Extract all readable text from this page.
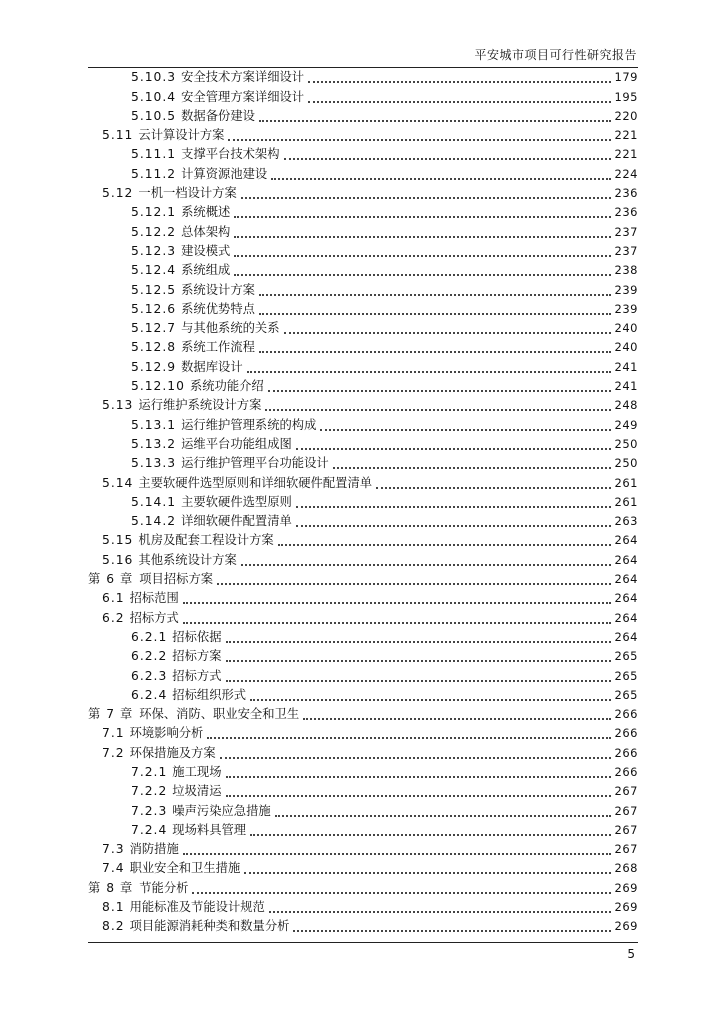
平安城市项目可行性研究报告
5.10.3 安全技术方案详细设计	179
5.10.4 安全管理方案详细设计	195
5.10.5 数据备份建设	220
5.11 云计算设计方案	221
5.11.1 支撑平台技术架构	221
5.11.2 计算资源池建设	224
5.12 一机一档设计方案	236
5.12.1 系统概述	236
5.12.2 总体架构	237
5.12.3 建设模式	237
5.12.4 系统组成	238
5.12.5 系统设计方案	239
5.12.6 系统优势特点	239
5.12.7 与其他系统的关系	240
5.12.8 系统工作流程	240
5.12.9 数据库设计	241
5.12.10 系统功能介绍	241
5.13 运行维护系统设计方案	248
5.13.1 运行维护管理系统的构成	249
5.13.2 运维平台功能组成图	250
5.13.3 运行维护管理平台功能设计	250
5.14 主要软硬件选型原则和详细软硬件配置清单	261
5.14.1 主要软硬件选型原则	261
5.14.2 详细软硬件配置清单	263
5.15 机房及配套工程设计方案	264
5.16 其他系统设计方案	264
第 6 章 项目招标方案	264
6.1 招标范围	264
6.2 招标方式	264
6.2.1 招标依据	264
6.2.2 招标方案	265
6.2.3 招标方式	265
6.2.4 招标组织形式	265
第 7 章 环保、消防、职业安全和卫生	266
7.1 环境影响分析	266
7.2 环保措施及方案	266
7.2.1 施工现场	266
7.2.2 垃圾清运	267
7.2.3 噪声污染应急措施	267
7.2.4 现场料具管理	267
7.3 消防措施	267
7.4 职业安全和卫生措施	268
第 8 章 节能分析	269
8.1 用能标准及节能设计规范	269
8.2 项目能源消耗种类和数量分析	269
5
